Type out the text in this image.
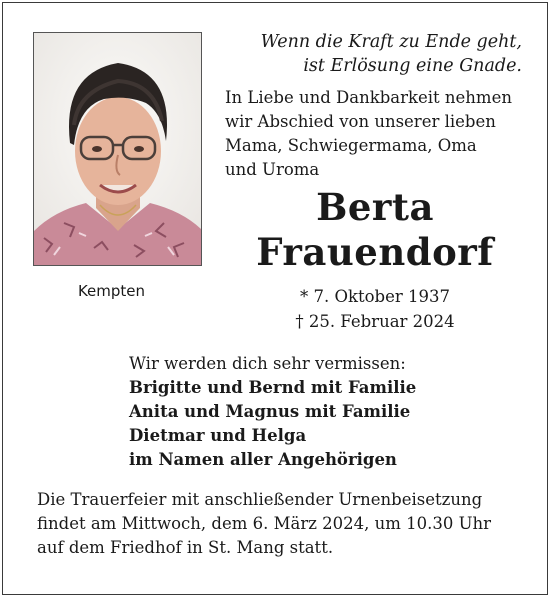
Kempten
Wenn die Kraft zu Ende geht,
ist Erlösung eine Gnade.
In Liebe und Dankbarkeit nehmen
wir Abschied von unserer lieben
Mama, Schwiegermama, Oma
und Uroma
Berta
Frauendorf
* 7. Oktober 1937
† 25. Februar 2024
Wir werden dich sehr vermissen:
Brigitte und Bernd mit Familie
Anita und Magnus mit Familie
Dietmar und Helga
im Namen aller Angehörigen
Die Trauerfeier mit anschließender Urnenbeisetzung
findet am Mittwoch, dem 6. März 2024, um 10.30 Uhr
auf dem Friedhof in St. Mang statt.
